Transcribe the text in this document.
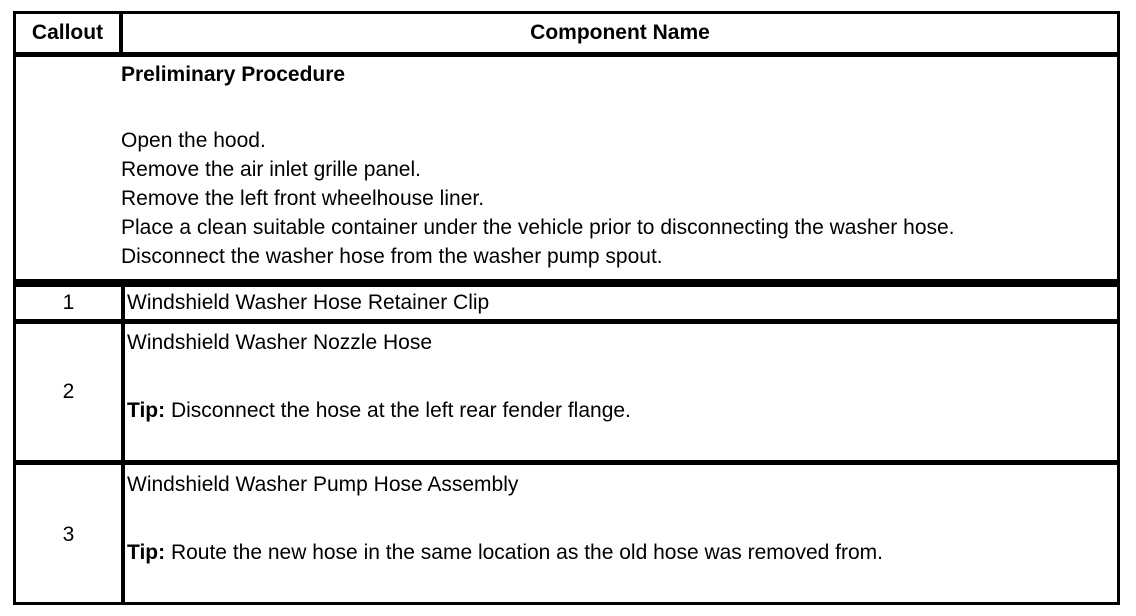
Callout	Component Name
Preliminary Procedure
Open the hood.
Remove the air inlet grille panel.
Remove the left front wheelhouse liner.
Place a clean suitable container under the vehicle prior to disconnecting the washer hose.
Disconnect the washer hose from the washer pump spout.
1	Windshield Washer Hose Retainer Clip
2
Windshield Washer Nozzle Hose
Tip: Disconnect the hose at the left rear fender flange.
3
Windshield Washer Pump Hose Assembly
Tip: Route the new hose in the same location as the old hose was removed from.
